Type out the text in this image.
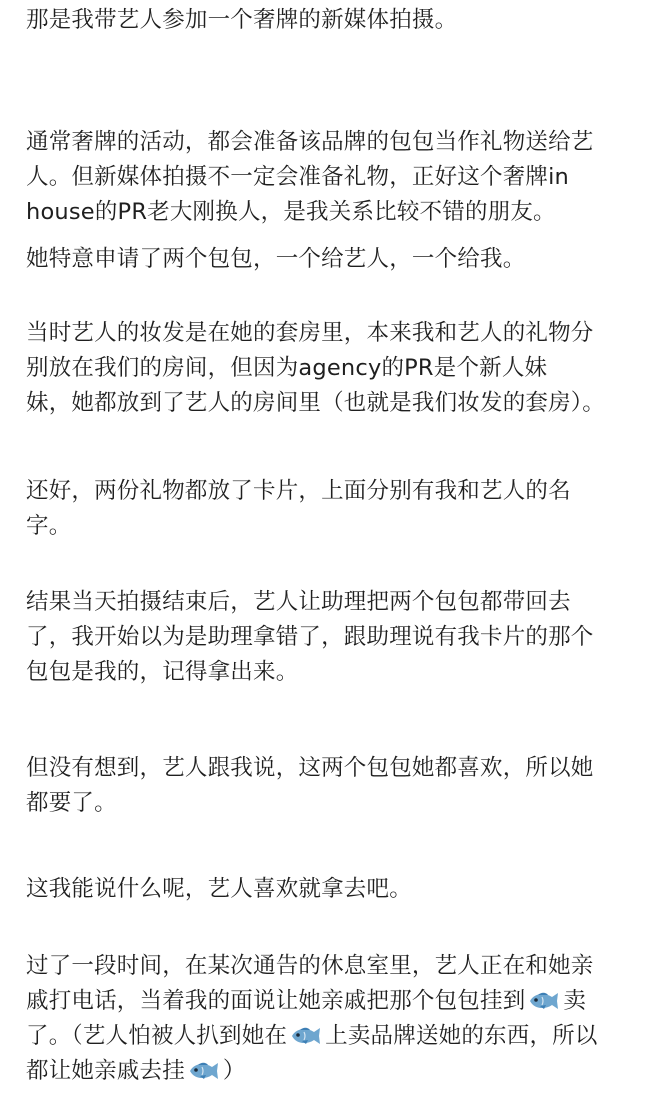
那是我带艺人参加一个奢牌的新媒体拍摄。
通常奢牌的活动，都会准备该品牌的包包当作礼物送给艺
人。但新媒体拍摄不一定会准备礼物，正好这个奢牌in
house的PR老大刚换人，是我关系比较不错的朋友。
她特意申请了两个包包，一个给艺人，一个给我。
当时艺人的妆发是在她的套房里，本来我和艺人的礼物分
别放在我们的房间，但因为agency的PR是个新人妹
妹，她都放到了艺人的房间里（也就是我们妆发的套房）。
还好，两份礼物都放了卡片，上面分别有我和艺人的名
字。
结果当天拍摄结束后，艺人让助理把两个包包都带回去
了，我开始以为是助理拿错了，跟助理说有我卡片的那个
包包是我的，记得拿出来。
但没有想到，艺人跟我说，这两个包包她都喜欢，所以她
都要了。
这我能说什么呢，艺人喜欢就拿去吧。
过了一段时间，在某次通告的休息室里，艺人正在和她亲
戚打电话，当着我的面说让她亲戚把那个包包挂到 卖
了。（艺人怕被人扒到她在 上卖品牌送她的东西，所以
都让她亲戚去挂 ）
